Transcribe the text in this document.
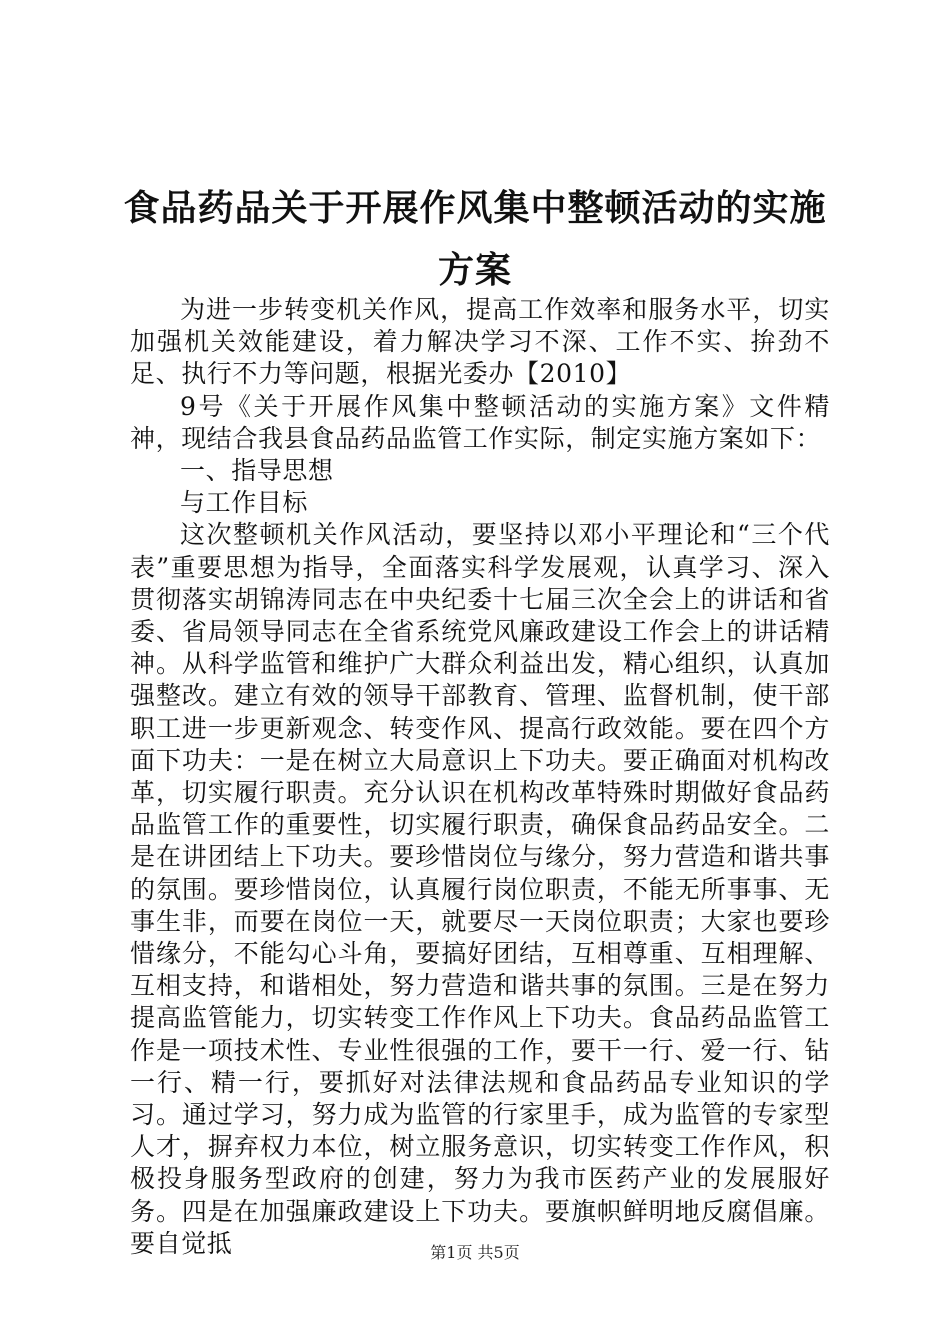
食品药品关于开展作风集中整顿活动的实施方案

为进一步转变机关作风，提高工作效率和服务水平，切实加强机关效能建设，着力解决学习不深、工作不实、拚劲不足、执行不力等问题，根据光委办【2010】

9号《关于开展作风集中整顿活动的实施方案》文件精神，现结合我县食品药品监管工作实际，制定实施方案如下：

一、指导思想

与工作目标

这次整顿机关作风活动，要坚持以邓小平理论和“三个代表”重要思想为指导，全面落实科学发展观，认真学习、深入贯彻落实胡锦涛同志在中央纪委十七届三次全会上的讲话和省委、省局领导同志在全省系统党风廉政建设工作会上的讲话精神。从科学监管和维护广大群众利益出发，精心组织，认真加强整改。建立有效的领导干部教育、管理、监督机制，使干部职工进一步更新观念、转变作风、提高行政效能。要在四个方面下功夫：一是在树立大局意识上下功夫。要正确面对机构改革，切实履行职责。充分认识在机构改革特殊时期做好食品药品监管工作的重要性，切实履行职责，确保食品药品安全。二是在讲团结上下功夫。要珍惜岗位与缘分，努力营造和谐共事的氛围。要珍惜岗位，认真履行岗位职责，不能无所事事、无事生非，而要在岗位一天，就要尽一天岗位职责；大家也要珍惜缘分，不能勾心斗角，要搞好团结，互相尊重、互相理解、互相支持，和谐相处，努力营造和谐共事的氛围。三是在努力提高监管能力，切实转变工作作风上下功夫。食品药品监管工作是一项技术性、专业性很强的工作，要干一行、爱一行、钻一行、精一行，要抓好对法律法规和食品药品专业知识的学习。通过学习，努力成为监管的行家里手，成为监管的专家型人才，摒弃权力本位，树立服务意识，切实转变工作作风，积极投身服务型政府的创建，努力为我市医药产业的发展服好务。四是在加强廉政建设上下功夫。要旗帜鲜明地反腐倡廉。要自觉抵	第1页 共5页
